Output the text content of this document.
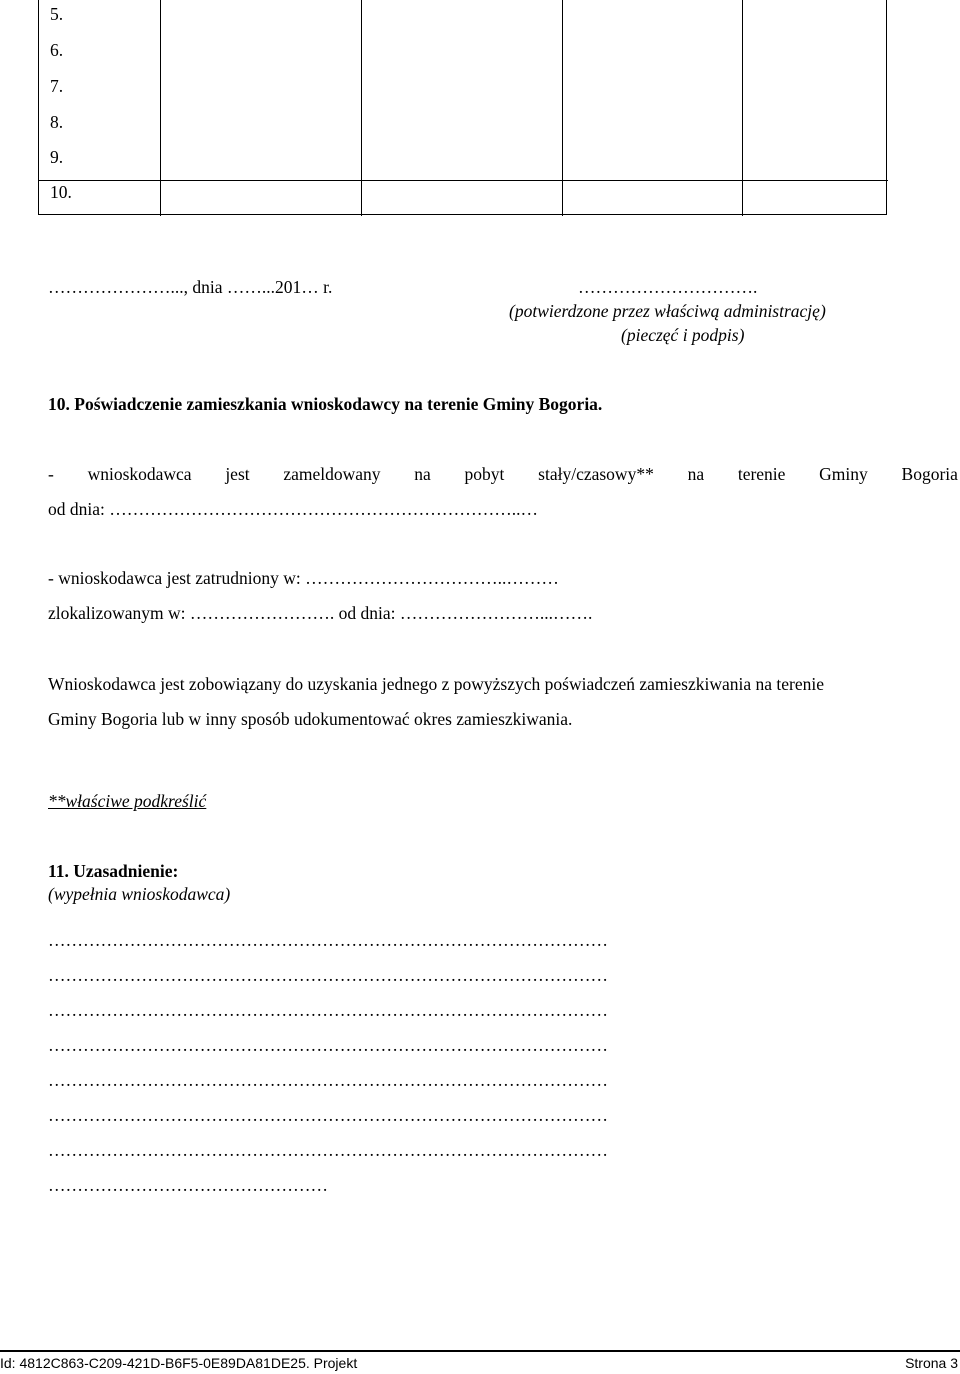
5.
6.
7.
8.
9.
10.
…………………..., dnia ……...201… r.	………………………….
(potwierdzone przez właściwą administrację)
(pieczęć i podpis)
10. Poświadczenie zamieszkania wnioskodawcy na terenie Gminy Bogoria.
- wnioskodawca jest zameldowany na pobyt stały/czasowy** na terenie Gminy Bogoria
od dnia: ……………………………………………………………..…
- wnioskodawca jest zatrudniony w: ……………………………..………
zlokalizowanym w: ……………………. od dnia: ……………………...…….
Wnioskodawca jest zobowiązany do uzyskania jednego z powyższych poświadczeń zamieszkiwania na terenie
Gminy Bogoria lub w inny sposób udokumentować okres zamieszkiwania.
**właściwe podkreślić
11. Uzasadnienie:
(wypełnia wnioskodawca)
……………………………………………………………………………………
……………………………………………………………………………………
……………………………………………………………………………………
……………………………………………………………………………………
……………………………………………………………………………………
……………………………………………………………………………………
……………………………………………………………………………………
…………………………………………
Id: 4812C863-C209-421D-B6F5-0E89DA81DE25. Projekt	Strona 3
